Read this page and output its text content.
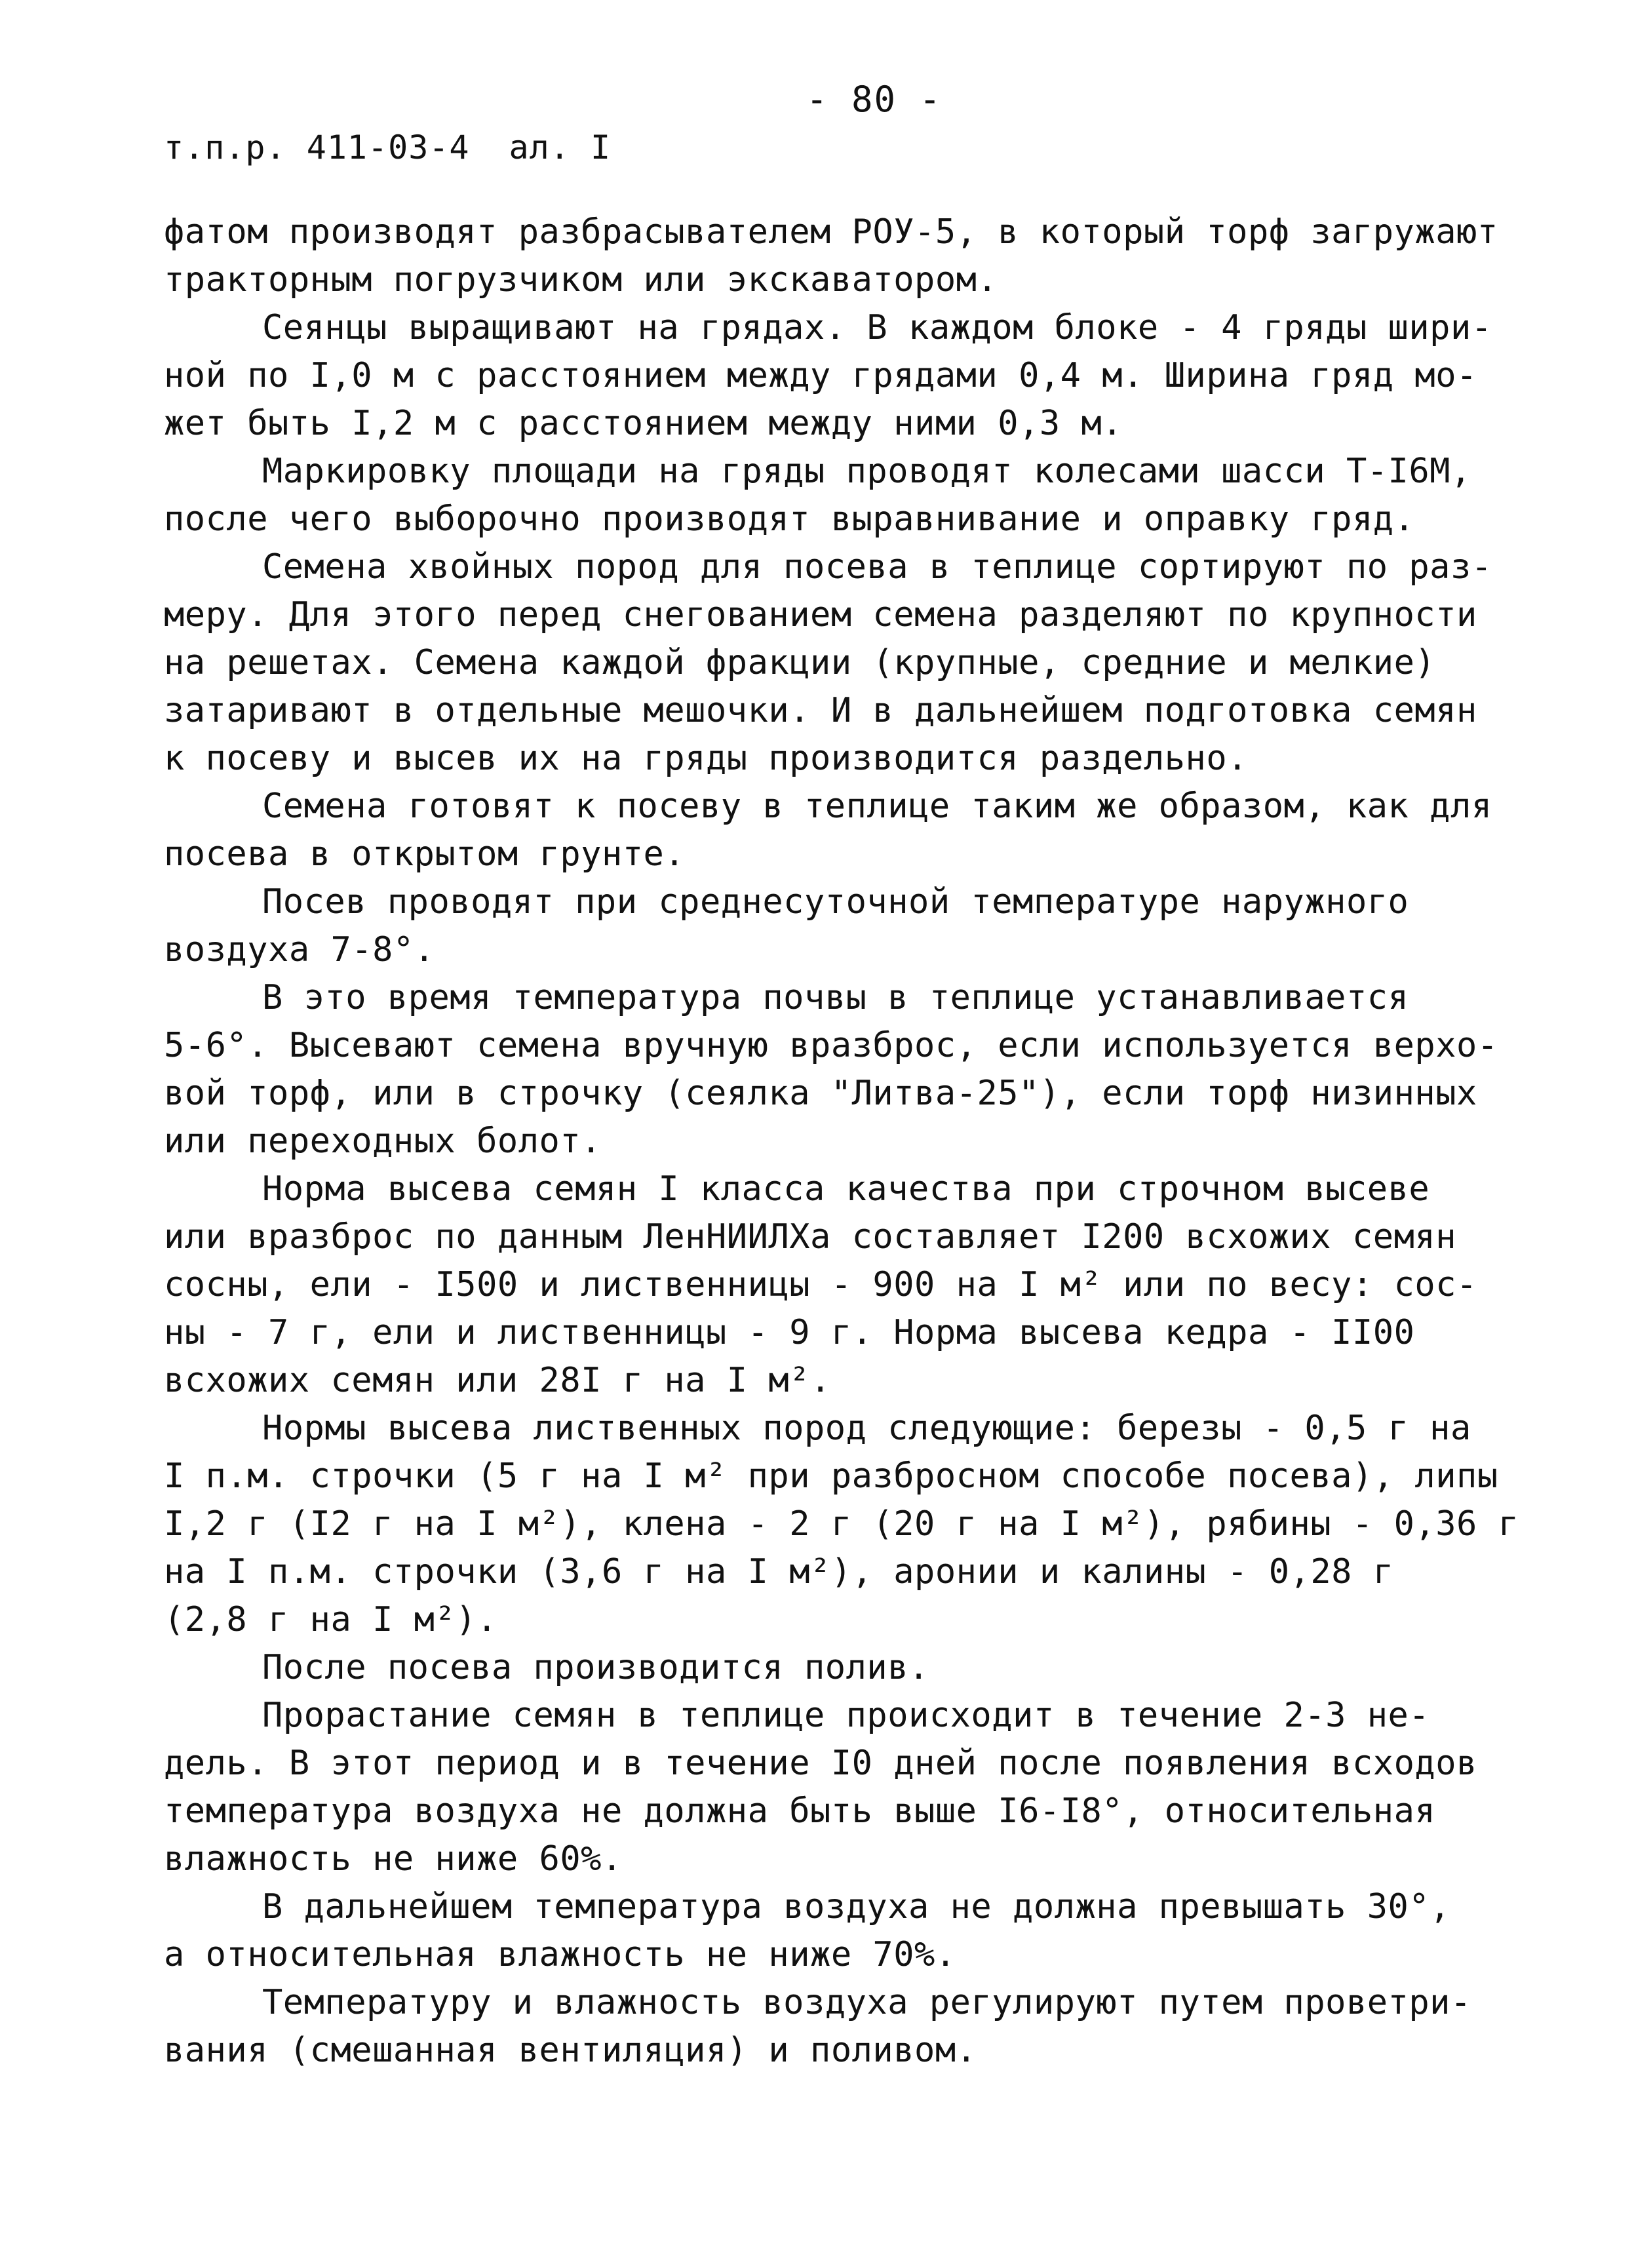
- 80 -
т.п.р. 411-03-4 ал. I

фатом производят разбрасывателем РОУ-5, в который торф загружают
тракторным погрузчиком или экскаватором.

Сеянцы выращивают на грядах. В каждом блоке - 4 гряды шири-
ной по I,0 м с расстоянием между грядами 0,4 м. Ширина гряд мо-
жет быть I,2 м с расстоянием между ними 0,3 м.

Маркировку площади на гряды проводят колесами шасси Т-I6М,
после чего выборочно производят выравнивание и оправку гряд.

Семена хвойных пород для посева в теплице сортируют по раз-
меру. Для этого перед снегованием семена разделяют по крупности
на решетах. Семена каждой фракции (крупные, средние и мелкие)
затаривают в отдельные мешочки. И в дальнейшем подготовка семян
к посеву и высев их на гряды производится раздельно.

Семена готовят к посеву в теплице таким же образом, как для
посева в открытом грунте.

Посев проводят при среднесуточной температуре наружного
воздуха 7-8°.

В это время температура почвы в теплице устанавливается
5-6°. Высевают семена вручную вразброс, если используется верхо-
вой торф, или в строчку (сеялка "Литва-25"), если торф низинных
или переходных болот.

Норма высева семян I класса качества при строчном высеве
или вразброс по данным ЛенНИИЛХа составляет I200 всхожих семян
сосны, ели - I500 и лиственницы - 900 на I м² или по весу: сос-
ны - 7 г, ели и лиственницы - 9 г. Норма высева кедра - II00
всхожих семян или 28I г на I м².

Нормы высева лиственных пород следующие: березы - 0,5 г на
I п.м. строчки (5 г на I м² при разбросном способе посева), липы
I,2 г (I2 г на I м²), клена - 2 г (20 г на I м²), рябины - 0,36 г
на I п.м. строчки (3,6 г на I м²), аронии и калины - 0,28 г
(2,8 г на I м²).

После посева производится полив.

Прорастание семян в теплице происходит в течение 2-3 не-
дель. В этот период и в течение I0 дней после появления всходов
температура воздуха не должна быть выше I6-I8°, относительная
влажность не ниже 60%.

В дальнейшем температура воздуха не должна превышать 30°,
а относительная влажность не ниже 70%.

Температуру и влажность воздуха регулируют путем проветри-
вания (смешанная вентиляция) и поливом.
